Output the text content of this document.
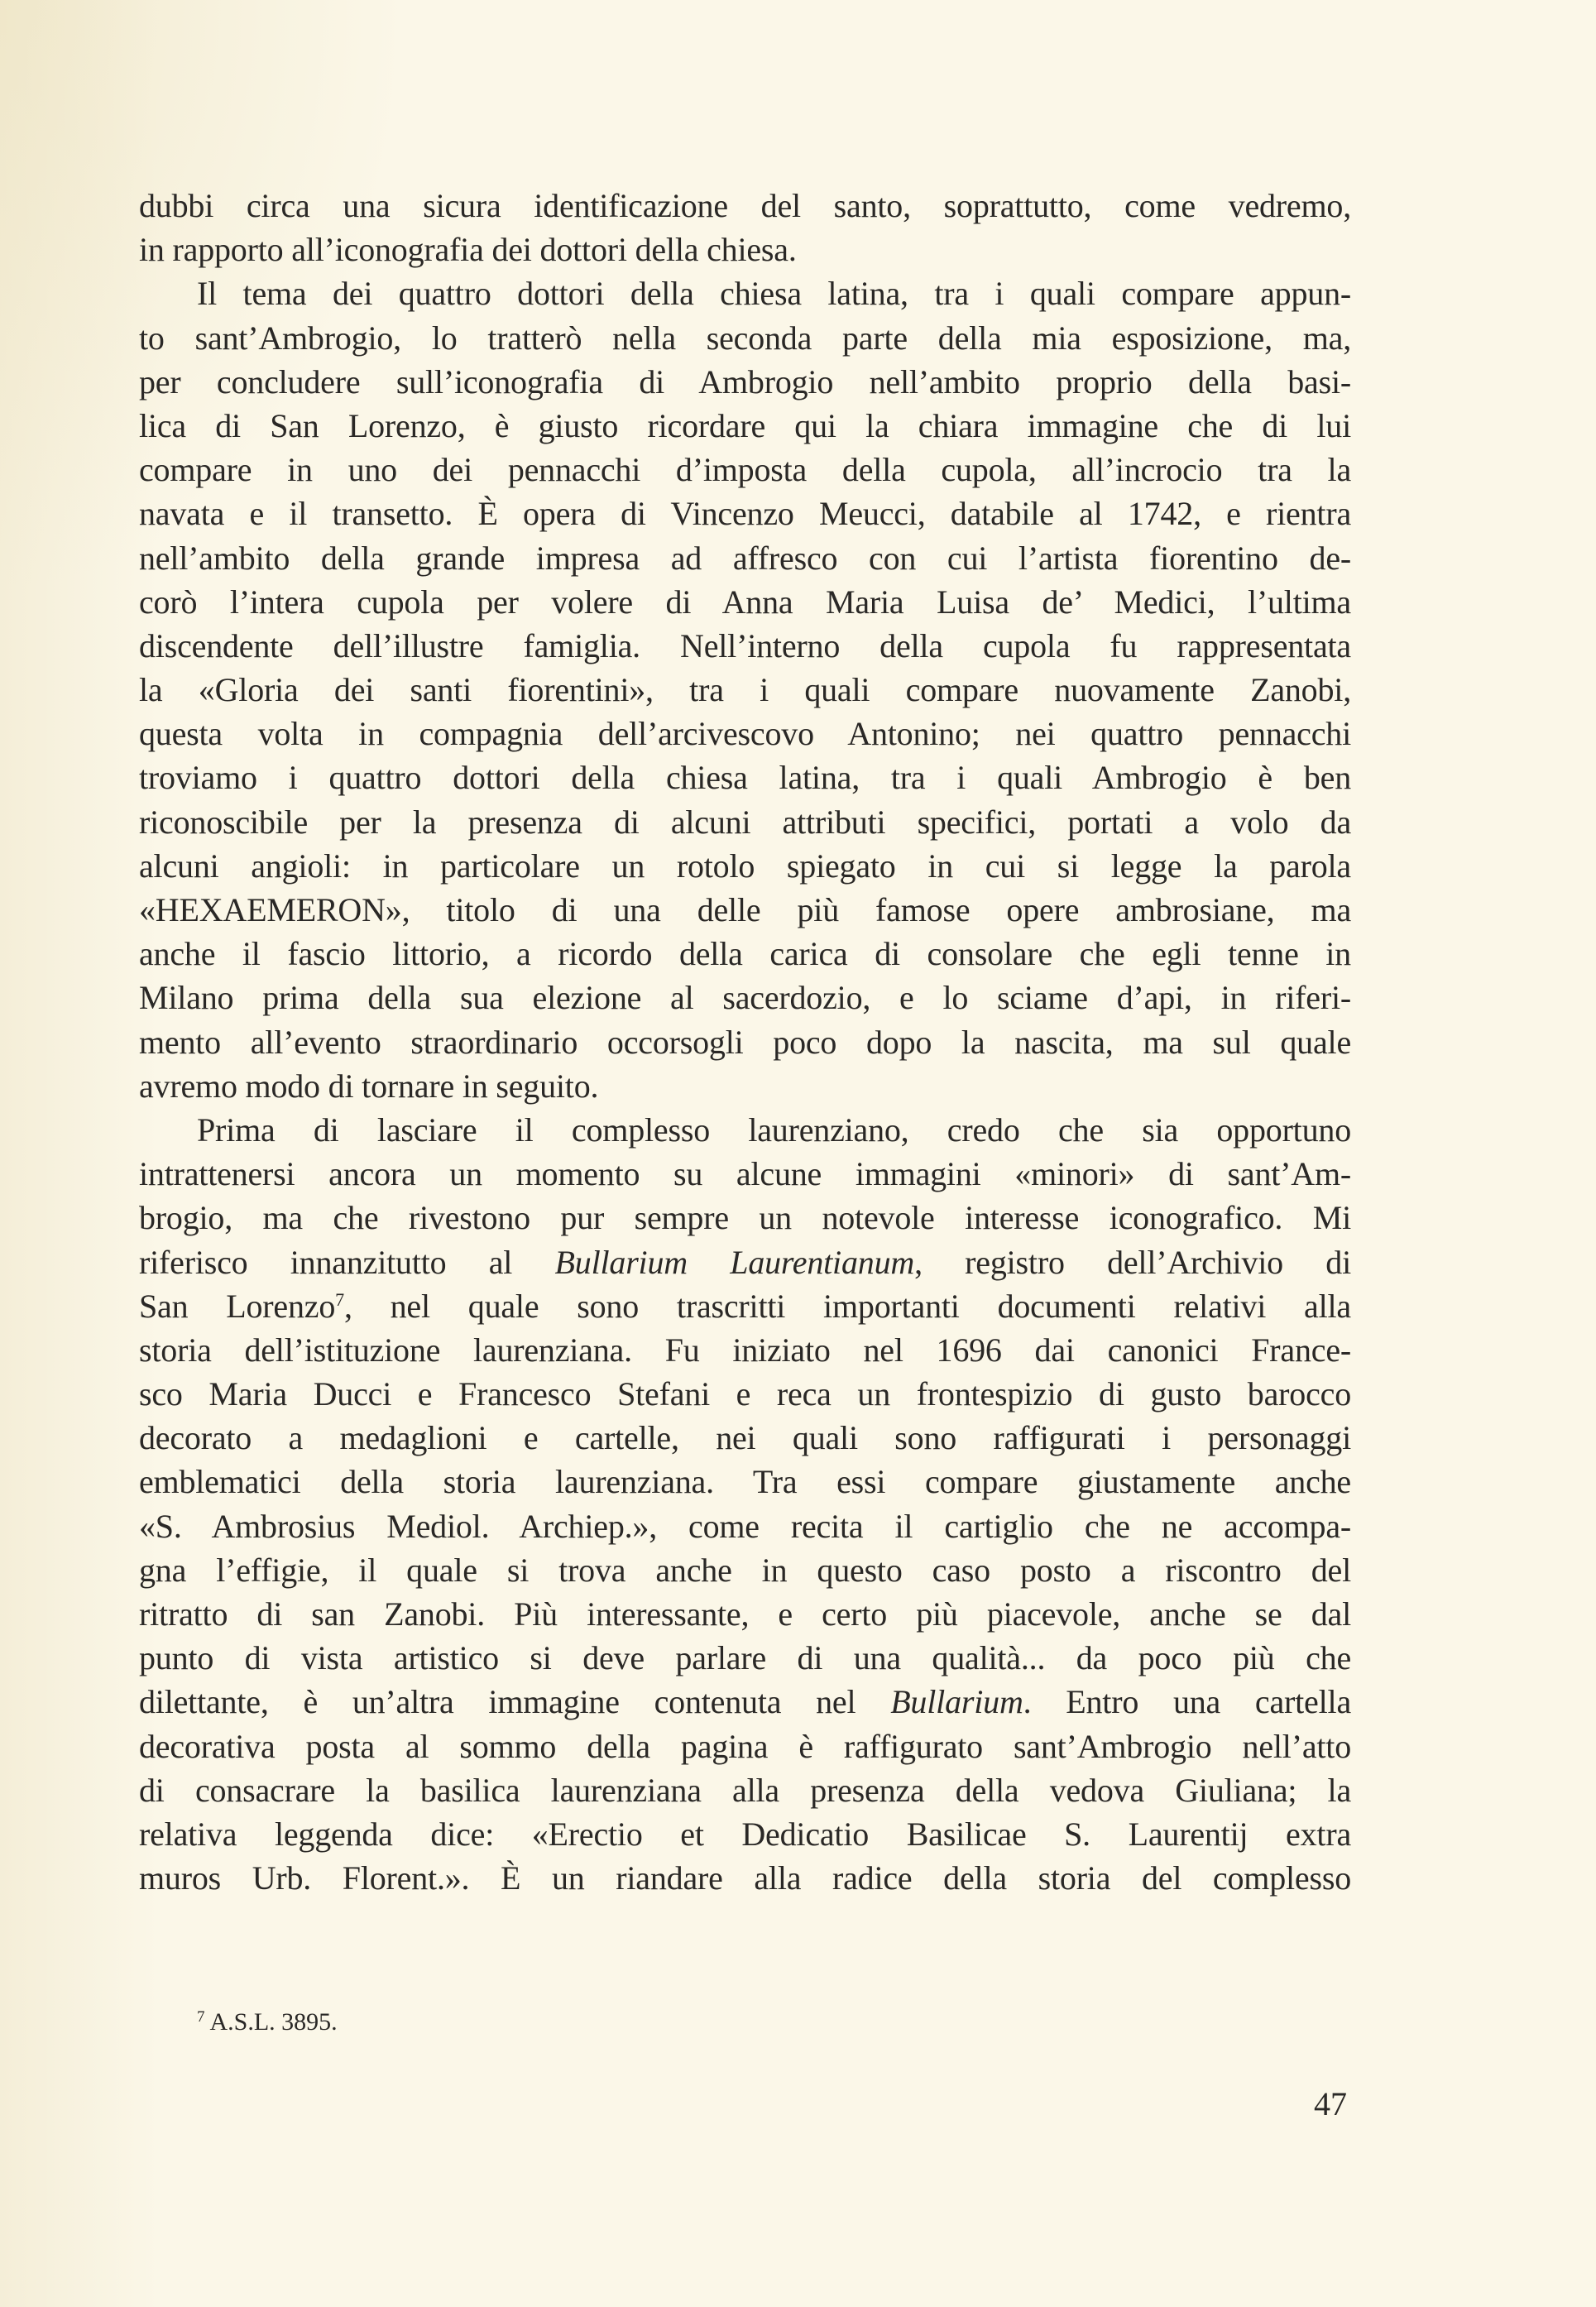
dubbi circa una sicura identificazione del santo, soprattutto, come vedremo,
in rapporto all’iconografia dei dottori della chiesa.
Il tema dei quattro dottori della chiesa latina, tra i quali compare appun-
to sant’Ambrogio, lo tratterò nella seconda parte della mia esposizione, ma,
per concludere sull’iconografia di Ambrogio nell’ambito proprio della basi-
lica di San Lorenzo, è giusto ricordare qui la chiara immagine che di lui
compare in uno dei pennacchi d’imposta della cupola, all’incrocio tra la
navata e il transetto. È opera di Vincenzo Meucci, databile al 1742, e rientra
nell’ambito della grande impresa ad affresco con cui l’artista fiorentino de-
corò l’intera cupola per volere di Anna Maria Luisa de’ Medici, l’ultima
discendente dell’illustre famiglia. Nell’interno della cupola fu rappresentata
la «Gloria dei santi fiorentini», tra i quali compare nuovamente Zanobi,
questa volta in compagnia dell’arcivescovo Antonino; nei quattro pennacchi
troviamo i quattro dottori della chiesa latina, tra i quali Ambrogio è ben
riconoscibile per la presenza di alcuni attributi specifici, portati a volo da
alcuni angioli: in particolare un rotolo spiegato in cui si legge la parola
«HEXAEMERON», titolo di una delle più famose opere ambrosiane, ma
anche il fascio littorio, a ricordo della carica di consolare che egli tenne in
Milano prima della sua elezione al sacerdozio, e lo sciame d’api, in riferi-
mento all’evento straordinario occorsogli poco dopo la nascita, ma sul quale
avremo modo di tornare in seguito.
Prima di lasciare il complesso laurenziano, credo che sia opportuno
intrattenersi ancora un momento su alcune immagini «minori» di sant’Am-
brogio, ma che rivestono pur sempre un notevole interesse iconografico. Mi
riferisco innanzitutto al Bullarium Laurentianum, registro dell’Archivio di
San Lorenzo$^7$, nel quale sono trascritti importanti documenti relativi alla
storia dell’istituzione laurenziana. Fu iniziato nel 1696 dai canonici France-
sco Maria Ducci e Francesco Stefani e reca un frontespizio di gusto barocco
decorato a medaglioni e cartelle, nei quali sono raffigurati i personaggi
emblematici della storia laurenziana. Tra essi compare giustamente anche
«S. Ambrosius Mediol. Archiep.», come recita il cartiglio che ne accompa-
gna l’effigie, il quale si trova anche in questo caso posto a riscontro del
ritratto di san Zanobi. Più interessante, e certo più piacevole, anche se dal
punto di vista artistico si deve parlare di una qualità... da poco più che
dilettante, è un’altra immagine contenuta nel Bullarium. Entro una cartella
decorativa posta al sommo della pagina è raffigurato sant’Ambrogio nell’atto
di consacrare la basilica laurenziana alla presenza della vedova Giuliana; la
relativa leggenda dice: «Erectio et Dedicatio Basilicae S. Laurentij extra
muros Urb. Florent.». È un riandare alla radice della storia del complesso
$^7$ A.S.L. 3895.
47
